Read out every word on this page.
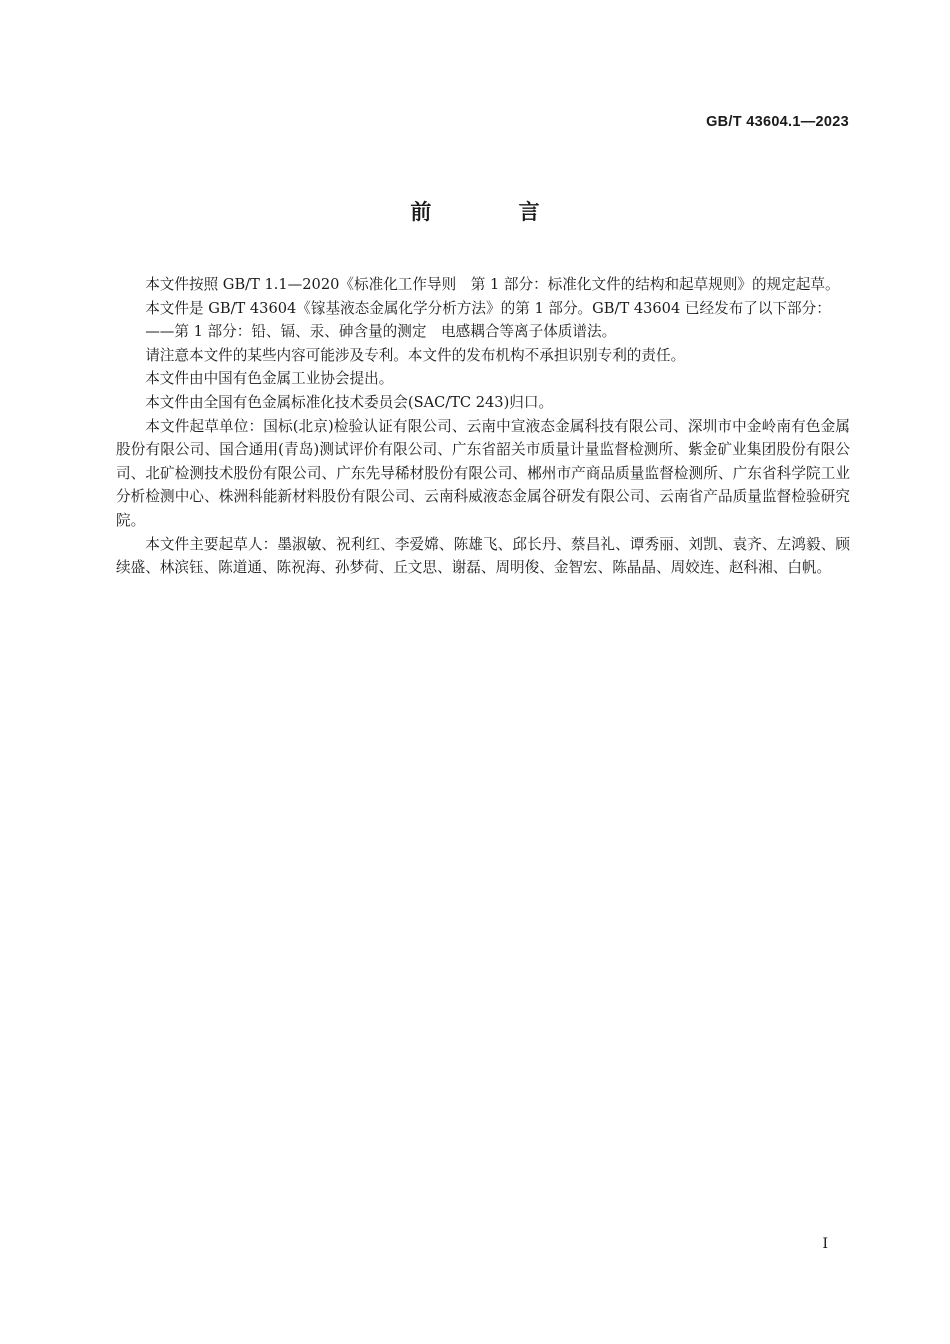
GB/T 43604.1—2023
前 言

本文件按照 GB/T 1.1—2020《标准化工作导则　第 1 部分：标准化文件的结构和起草规则》的规定起草。

本文件是 GB/T 43604《镓基液态金属化学分析方法》的第 1 部分。GB/T 43604 已经发布了以下部分：

——第 1 部分：铅、镉、汞、砷含量的测定　电感耦合等离子体质谱法。

请注意本文件的某些内容可能涉及专利。本文件的发布机构不承担识别专利的责任。

本文件由中国有色金属工业协会提出。

本文件由全国有色金属标准化技术委员会(SAC/TC 243)归口。

本文件起草单位：国标(北京)检验认证有限公司、云南中宣液态金属科技有限公司、深圳市中金岭南有色金属股份有限公司、国合通用(青岛)测试评价有限公司、广东省韶关市质量计量监督检测所、紫金矿业集团股份有限公司、北矿检测技术股份有限公司、广东先导稀材股份有限公司、郴州市产商品质量监督检测所、广东省科学院工业分析检测中心、株洲科能新材料股份有限公司、云南科威液态金属谷研发有限公司、云南省产品质量监督检验研究院。

本文件主要起草人：墨淑敏、祝利红、李爱嫦、陈雄飞、邱长丹、蔡昌礼、谭秀丽、刘凯、袁齐、左鸿毅、顾续盛、林滨钰、陈道通、陈祝海、孙梦荷、丘文思、谢磊、周明俊、金智宏、陈晶晶、周姣连、赵科湘、白帆。

I
